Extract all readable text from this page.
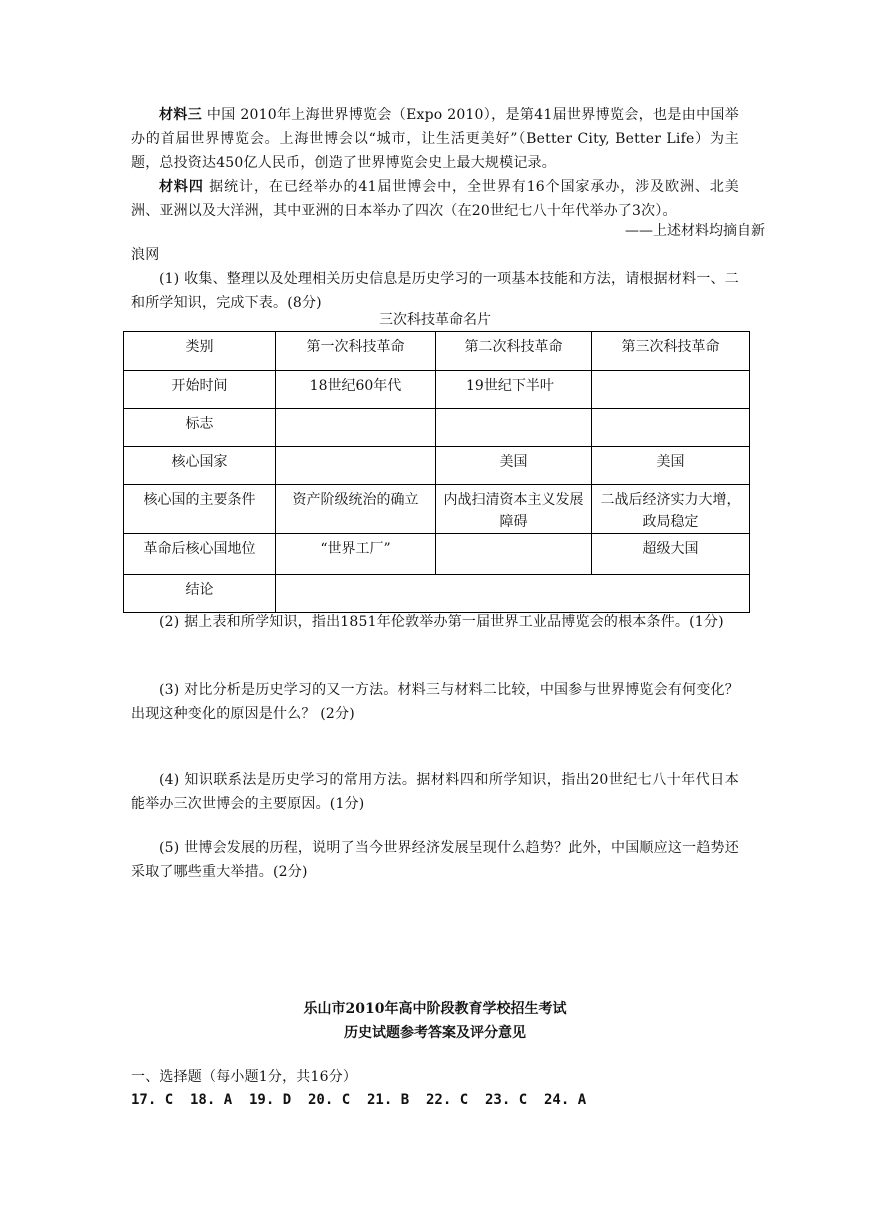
材料三 中国 2010年上海世界博览会（Expo 2010），是第41届世界博览会，也是由中国举办的首届世界博览会。上海世博会以“城市，让生活更美好”（Better City, Better Life）为主题，总投资达450亿人民币，创造了世界博览会史上最大规模记录。
材料四 据统计，在已经举办的41届世博会中，全世界有16个国家承办，涉及欧洲、北美洲、亚洲以及大洋洲，其中亚洲的日本举办了四次（在20世纪七八十年代举办了3次）。
——上述材料均摘自新
浪网
(1) 收集、整理以及处理相关历史信息是历史学习的一项基本技能和方法，请根据材料一、二和所学知识，完成下表。(8分)
三次科技革命名片
类别	第一次科技革命	第二次科技革命	第三次科技革命
开始时间	18世纪60年代	19世纪下半叶	
标志			
核心国家		美国	美国
核心国的主要条件	资产阶级统治的确立	内战扫清资本主义发展障碍	二战后经济实力大增，政局稳定
革命后核心国地位	“世界工厂”		超级大国
结论			
(2) 据上表和所学知识，指出1851年伦敦举办第一届世界工业品博览会的根本条件。(1分)
(3) 对比分析是历史学习的又一方法。材料三与材料二比较，中国参与世界博览会有何变化？出现这种变化的原因是什么？ (2分)
(4) 知识联系法是历史学习的常用方法。据材料四和所学知识，指出20世纪七八十年代日本能举办三次世博会的主要原因。(1分)
(5) 世博会发展的历程，说明了当今世界经济发展呈现什么趋势？此外，中国顺应这一趋势还采取了哪些重大举措。(2分)
乐山市2010年高中阶段教育学校招生考试
历史试题参考答案及评分意见
一、选择题（每小题1分，共16分）
17. C  18. A  19. D  20. C  21. B  22. C  23. C  24. A
